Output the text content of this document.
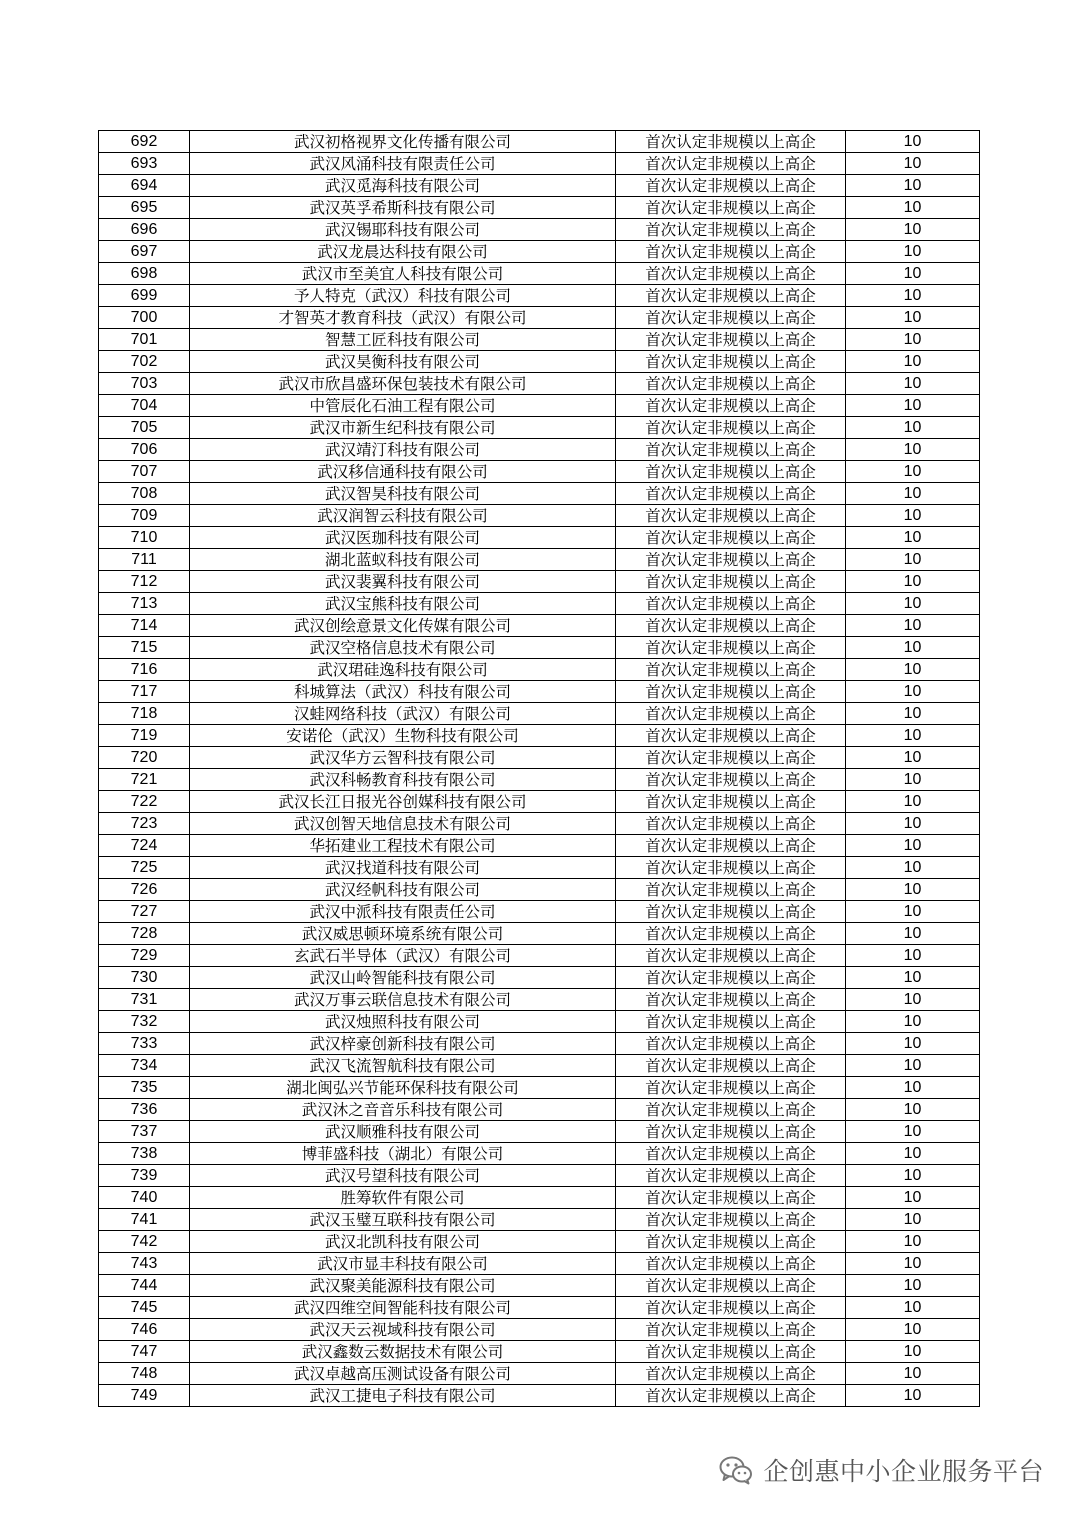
692	武汉初格视界文化传播有限公司	首次认定非规模以上高企	10
693	武汉风涌科技有限责任公司	首次认定非规模以上高企	10
694	武汉觅海科技有限公司	首次认定非规模以上高企	10
695	武汉英孚希斯科技有限公司	首次认定非规模以上高企	10
696	武汉锡耶科技有限公司	首次认定非规模以上高企	10
697	武汉龙晨达科技有限公司	首次认定非规模以上高企	10
698	武汉市至美宜人科技有限公司	首次认定非规模以上高企	10
699	予人特克（武汉）科技有限公司	首次认定非规模以上高企	10
700	才智英才教育科技（武汉）有限公司	首次认定非规模以上高企	10
701	智慧工匠科技有限公司	首次认定非规模以上高企	10
702	武汉昊衡科技有限公司	首次认定非规模以上高企	10
703	武汉市欣昌盛环保包装技术有限公司	首次认定非规模以上高企	10
704	中管辰化石油工程有限公司	首次认定非规模以上高企	10
705	武汉市新生纪科技有限公司	首次认定非规模以上高企	10
706	武汉靖汀科技有限公司	首次认定非规模以上高企	10
707	武汉移信通科技有限公司	首次认定非规模以上高企	10
708	武汉智昊科技有限公司	首次认定非规模以上高企	10
709	武汉润智云科技有限公司	首次认定非规模以上高企	10
710	武汉医珈科技有限公司	首次认定非规模以上高企	10
711	湖北蓝蚁科技有限公司	首次认定非规模以上高企	10
712	武汉裴翼科技有限公司	首次认定非规模以上高企	10
713	武汉宝熊科技有限公司	首次认定非规模以上高企	10
714	武汉创绘意景文化传媒有限公司	首次认定非规模以上高企	10
715	武汉空格信息技术有限公司	首次认定非规模以上高企	10
716	武汉珺硅逸科技有限公司	首次认定非规模以上高企	10
717	科城算法（武汉）科技有限公司	首次认定非规模以上高企	10
718	汉蛙网络科技（武汉）有限公司	首次认定非规模以上高企	10
719	安诺伦（武汉）生物科技有限公司	首次认定非规模以上高企	10
720	武汉华方云智科技有限公司	首次认定非规模以上高企	10
721	武汉科畅教育科技有限公司	首次认定非规模以上高企	10
722	武汉长江日报光谷创媒科技有限公司	首次认定非规模以上高企	10
723	武汉创智天地信息技术有限公司	首次认定非规模以上高企	10
724	华拓建业工程技术有限公司	首次认定非规模以上高企	10
725	武汉找道科技有限公司	首次认定非规模以上高企	10
726	武汉经帆科技有限公司	首次认定非规模以上高企	10
727	武汉中派科技有限责任公司	首次认定非规模以上高企	10
728	武汉威思顿环境系统有限公司	首次认定非规模以上高企	10
729	玄武石半导体（武汉）有限公司	首次认定非规模以上高企	10
730	武汉山岭智能科技有限公司	首次认定非规模以上高企	10
731	武汉万事云联信息技术有限公司	首次认定非规模以上高企	10
732	武汉烛照科技有限公司	首次认定非规模以上高企	10
733	武汉梓豪创新科技有限公司	首次认定非规模以上高企	10
734	武汉飞流智航科技有限公司	首次认定非规模以上高企	10
735	湖北闽弘兴节能环保科技有限公司	首次认定非规模以上高企	10
736	武汉沐之音音乐科技有限公司	首次认定非规模以上高企	10
737	武汉顺雅科技有限公司	首次认定非规模以上高企	10
738	博菲盛科技（湖北）有限公司	首次认定非规模以上高企	10
739	武汉号望科技有限公司	首次认定非规模以上高企	10
740	胜筹软件有限公司	首次认定非规模以上高企	10
741	武汉玉璧互联科技有限公司	首次认定非规模以上高企	10
742	武汉北凯科技有限公司	首次认定非规模以上高企	10
743	武汉市显丰科技有限公司	首次认定非规模以上高企	10
744	武汉聚美能源科技有限公司	首次认定非规模以上高企	10
745	武汉四维空间智能科技有限公司	首次认定非规模以上高企	10
746	武汉天云视域科技有限公司	首次认定非规模以上高企	10
747	武汉鑫数云数据技术有限公司	首次认定非规模以上高企	10
748	武汉卓越高压测试设备有限公司	首次认定非规模以上高企	10
749	武汉工捷电子科技有限公司	首次认定非规模以上高企	10
企创惠中小企业服务平台
